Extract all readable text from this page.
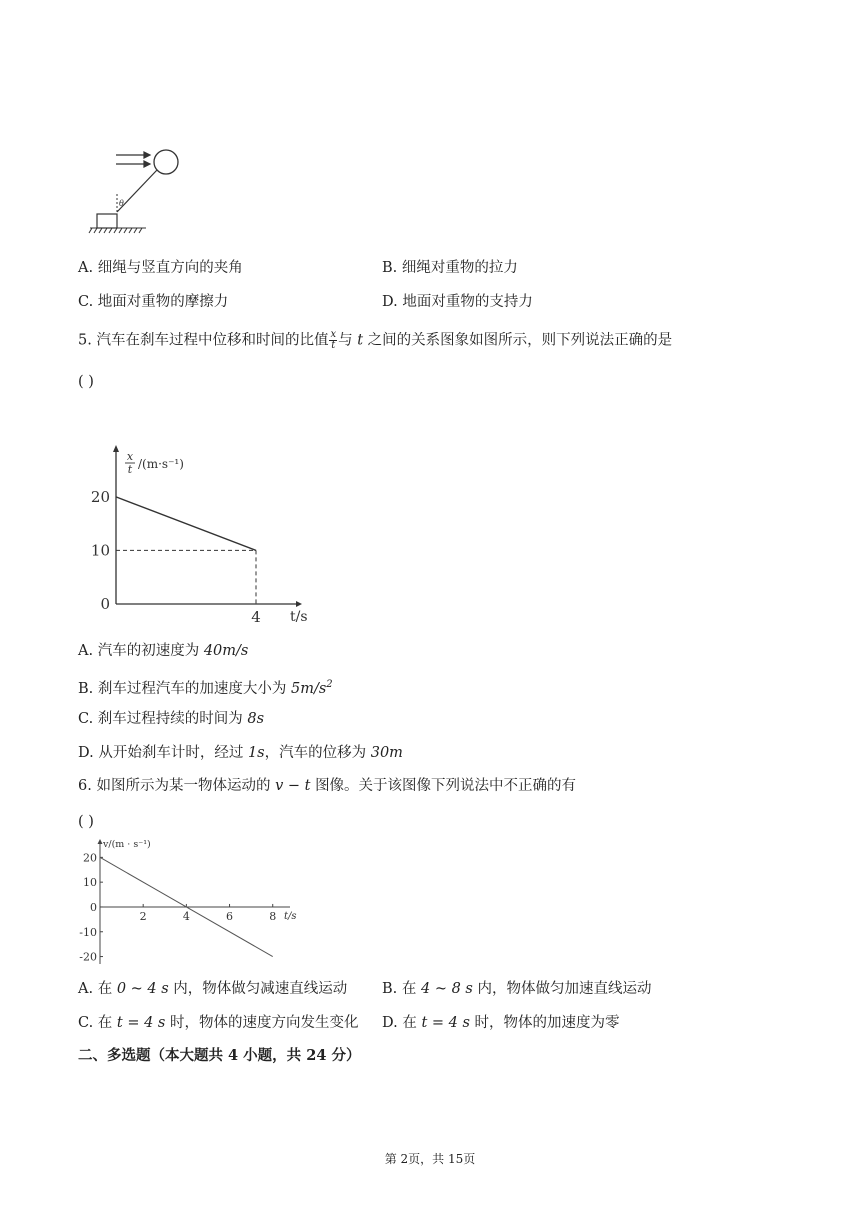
θ
A. 细绳与竖直方向的夹角	B. 细绳对重物的拉力
C. 地面对重物的摩擦力	D. 地面对重物的支持力
5. 汽车在刹车过程中位移和时间的比值 $\frac{x}{t}$ 与 t 之间的关系图象如图所示，则下列说法正确的是
( )
x
t /(m·s⁻¹)
t/s
0
20
10
4
A. 汽车的初速度为 40m/s
B. 刹车过程汽车的加速度大小为 $5m/s^2$
C. 刹车过程持续的时间为 8s
D. 从开始刹车计时，经过 1s，汽车的位移为 30m
6. 如图所示为某一物体运动的 v − t 图像。关于该图像下列说法中不正确的有
( )
v/(m · s⁻¹)
t/s
20
10
0
-10
-20
2	4	6	8
A. 在 0 ~ 4 s 内，物体做匀减速直线运动 B. 在 4 ~ 8 s 内，物体做匀加速直线运动
C. 在 t = 4 s 时，物体的速度方向发生变化 D. 在 t = 4 s 时，物体的加速度为零
二、多选题（本大题共 4 小题，共 24 分）
第 2页，共 15页
